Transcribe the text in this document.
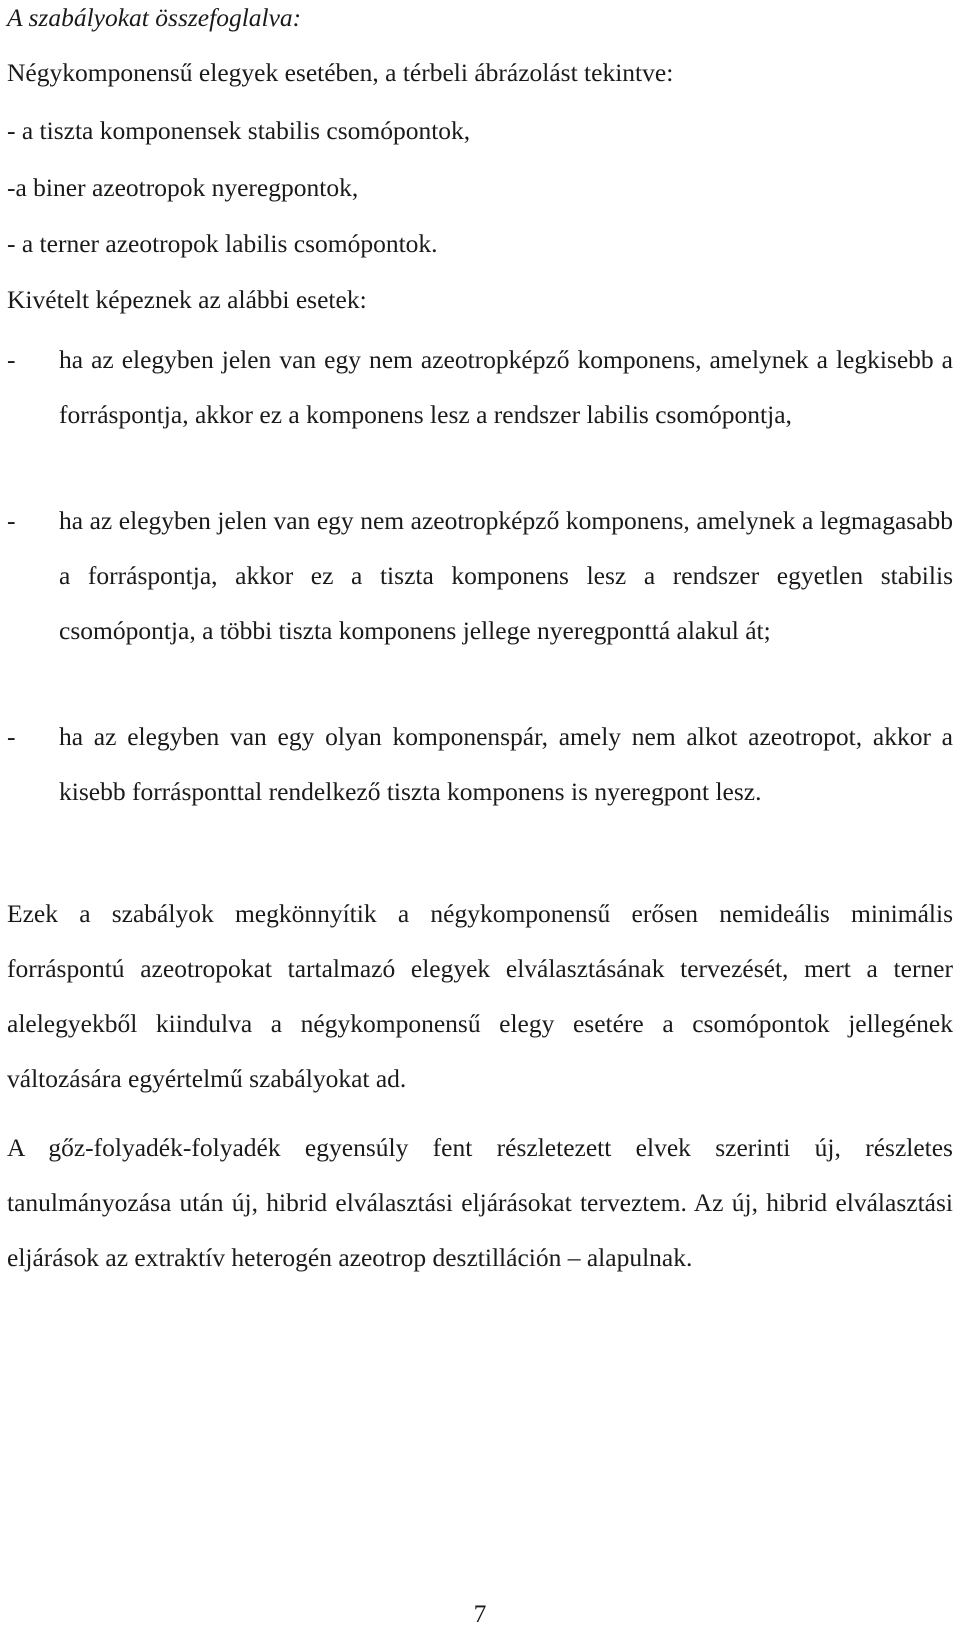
A szabályokat összefoglalva:
Négykomponensű elegyek esetében, a térbeli ábrázolást tekintve:
- a tiszta komponensek stabilis csomópontok,
-a biner azeotropok nyeregpontok,
- a terner azeotropok labilis csomópontok.
Kivételt képeznek az alábbi esetek:
- ha az elegyben jelen van egy nem azeotropképző komponens, amelynek a legkisebb a forráspontja, akkor ez a komponens lesz a rendszer labilis csomópontja,
- ha az elegyben jelen van egy nem azeotropképző komponens, amelynek a legmagasabb a forráspontja, akkor ez a tiszta komponens lesz a rendszer egyetlen stabilis csomópontja, a többi tiszta komponens jellege nyeregponttá alakul át;
- ha az elegyben van egy olyan komponenspár, amely nem alkot azeotropot, akkor a kisebb forrásponttal rendelkező tiszta komponens is nyeregpont lesz.
Ezek a szabályok megkönnyítik a négykomponensű erősen nemideális minimális forráspontú azeotropokat tartalmazó elegyek elválasztásának tervezését, mert a terner alelegyekből kiindulva a négykomponensű elegy esetére a csomópontok jellegének változására egyértelmű szabályokat ad.
A gőz-folyadék-folyadék egyensúly fent részletezett elvek szerinti új, részletes tanulmányozása után új, hibrid elválasztási eljárásokat terveztem. Az új, hibrid elválasztási eljárások az extraktív heterogén azeotrop desztilláción – alapulnak.
7
